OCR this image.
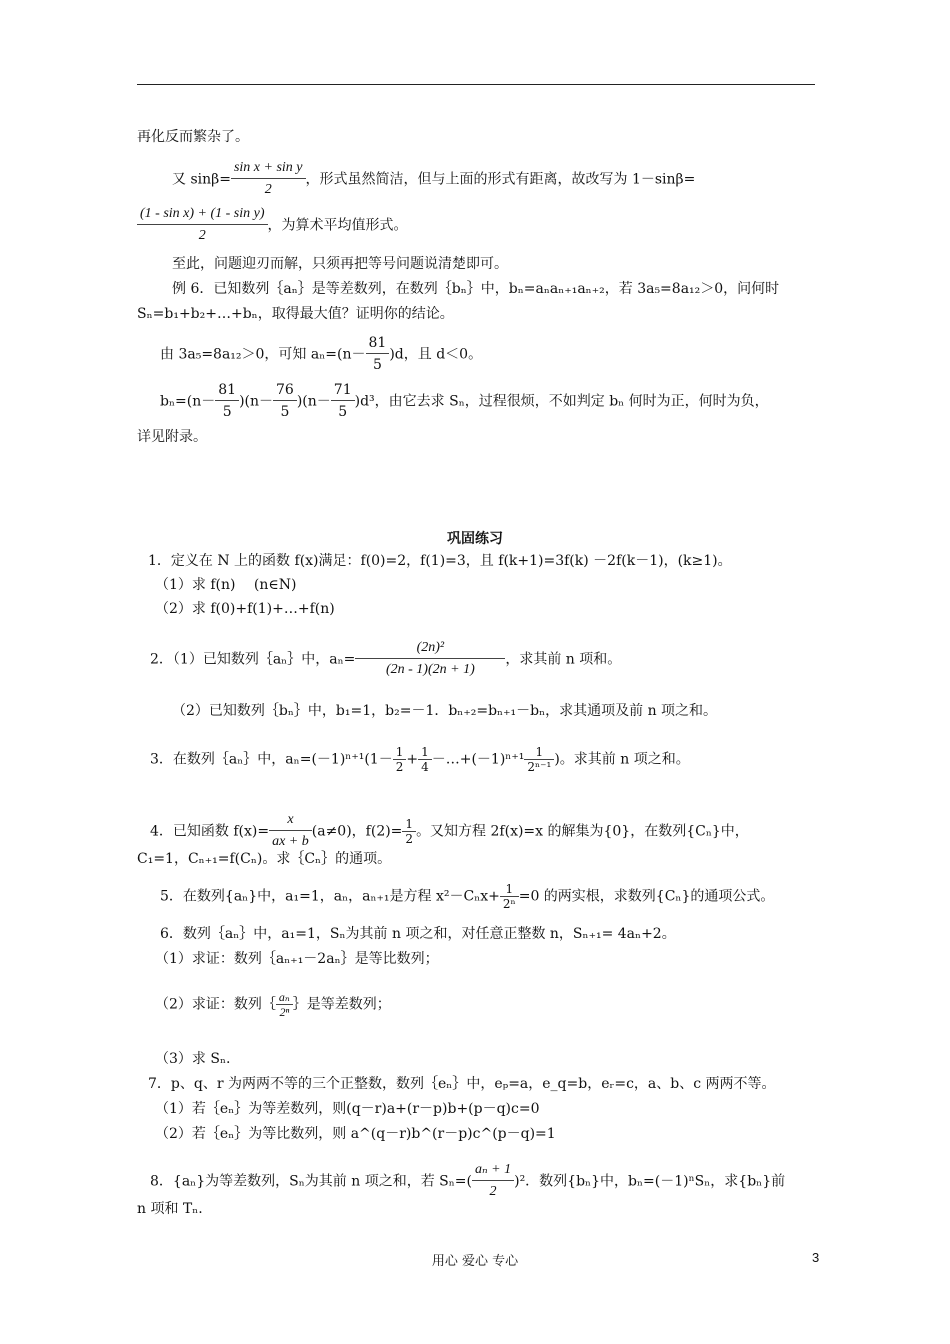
再化反而繁杂了。
又 $\sin\beta= \frac{\text{sin x + sin y}}{2}$ ，形式虽然简洁，但与上面的形式有距离，故改写为 1－sinβ=
$\frac{\text{(1 - sin x) + (1 - sin y)}}{2}$ ，为算术平均值形式。
至此，问题迎刃而解，只须再把等号问题说清楚即可。
例 6．已知数列｛aₙ｝是等差数列，在数列｛bₙ｝中，bₙ=aₙaₙ₊₁aₙ₊₂，若 3a₅=8a₁₂＞0，问何时
Sₙ=b₁+b₂+…+bₙ，取得最大值？证明你的结论。
由 3a₅=8a₁₂＞0，可知 $a_n=(n- \frac{81}{5} )d$，且 d＜0。
$b_n=(n- \frac{81}{5} )(n- \frac{76}{5} )(n- \frac{71}{5} )d^3$，由它去求 Sₙ，过程很烦，不如判定 bₙ 何时为正，何时为负，
详见附录。
巩固练习
1．定义在 N 上的函数 f(x)满足：f(0)=2，f(1)=3，且 f(k+1)=3f(k) －2f(k－1)，(k≥1)。
（1）求 f(n)　 (n∈N)
（2）求 f(0)+f(1)+…+f(n)
2．（1）已知数列｛aₙ｝中，$a_n= \frac{\text{(2n)²}}{(2n - 1)(2n + 1)}$ ，求其前 n 项和。
（2）已知数列｛bₙ｝中，b₁=1，b₂=－1．bₙ₊₂=bₙ₊₁－bₙ，求其通项及前 n 项之和。
3．在数列｛aₙ｝中，$a_n=(-1)^{n+1}(1- \frac{1}{2} + \frac{1}{4}$ －…+(－1)ⁿ⁺¹ $\frac{1}{\text{2ⁿ⁻¹}}$ )。求其前 n 项之和。
4．已知函数 $f(x)= \frac{x}{ax + b} (a\ne 0)$，$f(2)= \frac{1}{2}$ 。又知方程 2f(x)=x 的解集为{0}，在数列{Cₙ}中，
C₁=1，Cₙ₊₁=f(Cₙ)。求｛Cₙ｝的通项。
5．在数列{aₙ}中，a₁=1，aₙ，aₙ₊₁是方程 $x^2-C_nx+ \frac{1}{\text{2ⁿ}} =0$ 的两实根，求数列{Cₙ}的通项公式。
6．数列｛aₙ｝中，a₁=1，Sₙ为其前 n 项之和，对任意正整数 n，Sₙ₊₁= 4aₙ+2。
（1）求证：数列｛aₙ₊₁－2aₙ｝是等比数列；
（2）求证：数列｛ $\frac{\text{aₙ}}{\text{2ⁿ}}$ ｝是等差数列；
（3）求 Sₙ.
7．p、q、r 为两两不等的三个正整数，数列｛eₙ｝中，eₚ=a，e_q=b，eᵣ=c，a、b、c 两两不等。
（1）若｛eₙ｝为等差数列，则(q－r)a+(r－p)b+(p－q)c=0
（2）若｛eₙ｝为等比数列，则 a^(q－r)b^(r－p)c^(p－q)=1
8．{aₙ}为等差数列，Sₙ为其前 n 项之和，若 $S_n=( \frac{\text{aₙ + 1}}{2} )^2$．数列{bₙ}中，bₙ=(－1)ⁿSₙ，求{bₙ}前
n 项和 Tₙ.
用心 爱心 专心	3
